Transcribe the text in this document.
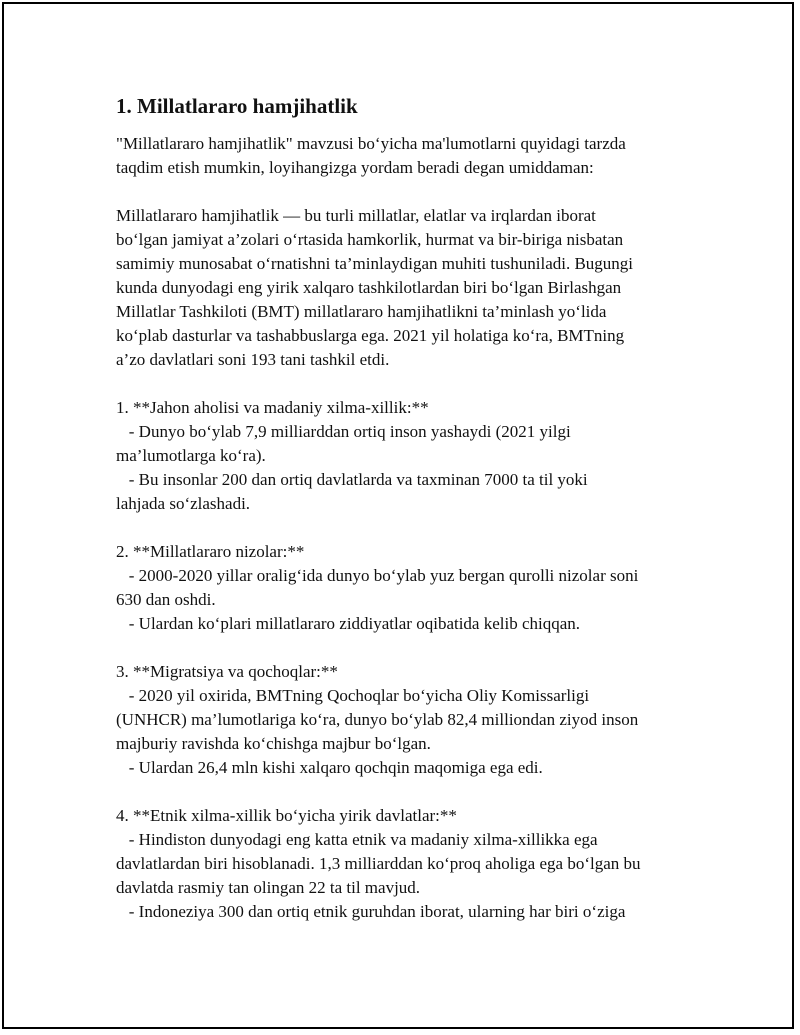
1. Millatlararo hamjihatlik
"Millatlararo hamjihatlik" mavzusi boʻyicha ma'lumotlarni quyidagi tarzda
taqdim etish mumkin, loyihangizga yordam beradi degan umiddaman:
Millatlararo hamjihatlik — bu turli millatlar, elatlar va irqlardan iborat
boʻlgan jamiyat a’zolari oʻrtasida hamkorlik, hurmat va bir-biriga nisbatan
samimiy munosabat oʻrnatishni ta’minlaydigan muhiti tushuniladi. Bugungi
kunda dunyodagi eng yirik xalqaro tashkilotlardan biri boʻlgan Birlashgan
Millatlar Tashkiloti (BMT) millatlararo hamjihatlikni ta’minlash yoʻlida
koʻplab dasturlar va tashabbuslarga ega. 2021 yil holatiga koʻra, BMTning
a’zo davlatlari soni 193 tani tashkil etdi.
1. **Jahon aholisi va madaniy xilma-xillik:**
- Dunyo boʻylab 7,9 milliarddan ortiq inson yashaydi (2021 yilgi
ma’lumotlarga koʻra).
- Bu insonlar 200 dan ortiq davlatlarda va taxminan 7000 ta til yoki
lahjada soʻzlashadi.
2. **Millatlararo nizolar:**
- 2000-2020 yillar oraligʻida dunyo boʻylab yuz bergan qurolli nizolar soni
630 dan oshdi.
- Ulardan koʻplari millatlararo ziddiyatlar oqibatida kelib chiqqan.
3. **Migratsiya va qochoqlar:**
- 2020 yil oxirida, BMTning Qochoqlar boʻyicha Oliy Komissarligi
(UNHCR) ma’lumotlariga koʻra, dunyo boʻylab 82,4 milliondan ziyod inson
majburiy ravishda koʻchishga majbur boʻlgan.
- Ulardan 26,4 mln kishi xalqaro qochqin maqomiga ega edi.
4. **Etnik xilma-xillik boʻyicha yirik davlatlar:**
- Hindiston dunyodagi eng katta etnik va madaniy xilma-xillikka ega
davlatlardan biri hisoblanadi. 1,3 milliarddan koʻproq aholiga ega boʻlgan bu
davlatda rasmiy tan olingan 22 ta til mavjud.
- Indoneziya 300 dan ortiq etnik guruhdan iborat, ularning har biri oʻziga
